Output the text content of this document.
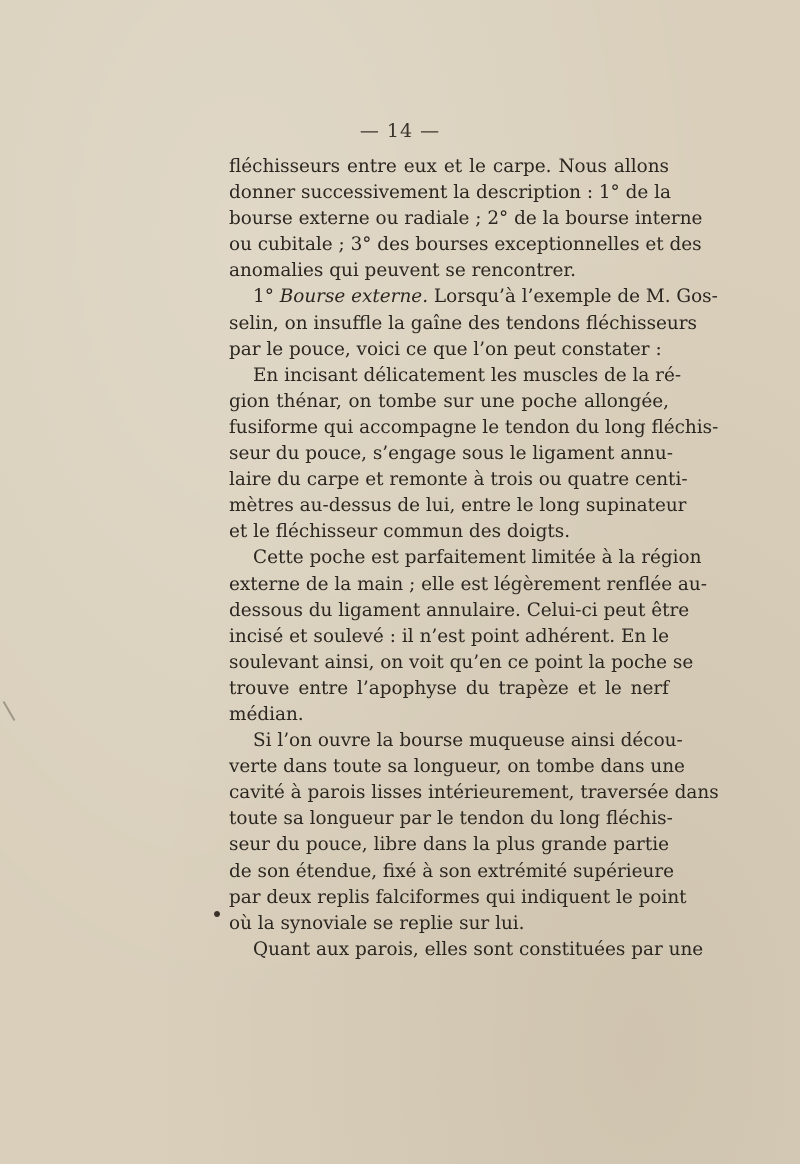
— 14 —
fléchisseurs entre eux et le carpe. Nous allons
donner successivement la description : 1° de la
bourse externe ou radiale ; 2° de la bourse interne
ou cubitale ; 3° des bourses exceptionnelles et des
anomalies qui peuvent se rencontrer.
1° Bourse externe. Lorsqu’à l’exemple de M. Gos-
selin, on insuffle la gaîne des tendons fléchisseurs
par le pouce, voici ce que l’on peut constater :
En incisant délicatement les muscles de la ré-
gion thénar, on tombe sur une poche allongée,
fusiforme qui accompagne le tendon du long fléchis-
seur du pouce, s’engage sous le ligament annu-
laire du carpe et remonte à trois ou quatre centi-
mètres au-dessus de lui, entre le long supinateur
et le fléchisseur commun des doigts.
Cette poche est parfaitement limitée à la région
externe de la main ; elle est légèrement renflée au-
dessous du ligament annulaire. Celui-ci peut être
incisé et soulevé : il n’est point adhérent. En le
soulevant ainsi, on voit qu’en ce point la poche se
trouve entre l’apophyse du trapèze et le nerf
médian.
Si l’on ouvre la bourse muqueuse ainsi décou-
verte dans toute sa longueur, on tombe dans une
cavité à parois lisses intérieurement, traversée dans
toute sa longueur par le tendon du long fléchis-
seur du pouce, libre dans la plus grande partie
de son étendue, fixé à son extrémité supérieure
par deux replis falciformes qui indiquent le point
où la synoviale se replie sur lui.
Quant aux parois, elles sont constituées par une
